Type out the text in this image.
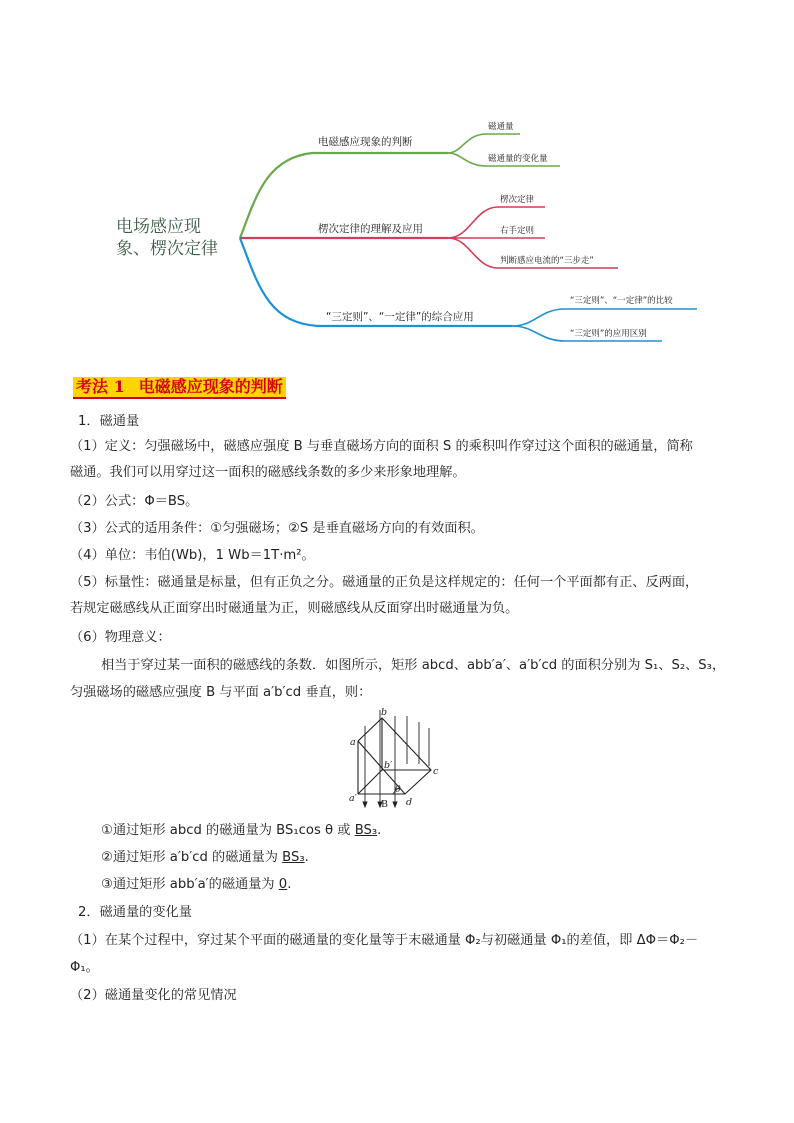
电磁感应现象的判断
磁通量
磁通量的变化量
楞次定律的理解及应用
楞次定律
右手定则
判断感应电流的“三步走”
“三定则”、“一定律”的综合应用
“三定则”、“一定律”的比较
“三定则”的应用区别
电场感应现
象、楞次定律
考法 1 电磁感应现象的判断
1．磁通量
（1）定义：匀强磁场中，磁感应强度 B 与垂直磁场方向的面积 S 的乘积叫作穿过这个面积的磁通量，简称
磁通。我们可以用穿过这一面积的磁感线条数的多少来形象地理解。
（2）公式：Φ＝BS。
（3）公式的适用条件：①匀强磁场；②S 是垂直磁场方向的有效面积。
（4）单位：韦伯(Wb)，1 Wb＝1T·m²。
（5）标量性：磁通量是标量，但有正负之分。磁通量的正负是这样规定的：任何一个平面都有正、反两面，
若规定磁感线从正面穿出时磁通量为正，则磁感线从反面穿出时磁通量为负。
（6）物理意义：
相当于穿过某一面积的磁感线的条数．如图所示，矩形 abcd、abb′a′、a′b′cd 的面积分别为 S₁、S₂、S₃，
匀强磁场的磁感应强度 B 与平面 a′b′cd 垂直，则：
a
b
b′
c
a′	d
B
θ
①通过矩形 abcd 的磁通量为 BS₁cos θ 或 BS₃.
②通过矩形 a′b′cd 的磁通量为 BS₃.
③通过矩形 abb′a′的磁通量为 0.
2．磁通量的变化量
（1）在某个过程中，穿过某个平面的磁通量的变化量等于末磁通量 Φ₂与初磁通量 Φ₁的差值，即 ΔΦ＝Φ₂－
Φ₁。
（2）磁通量变化的常见情况
